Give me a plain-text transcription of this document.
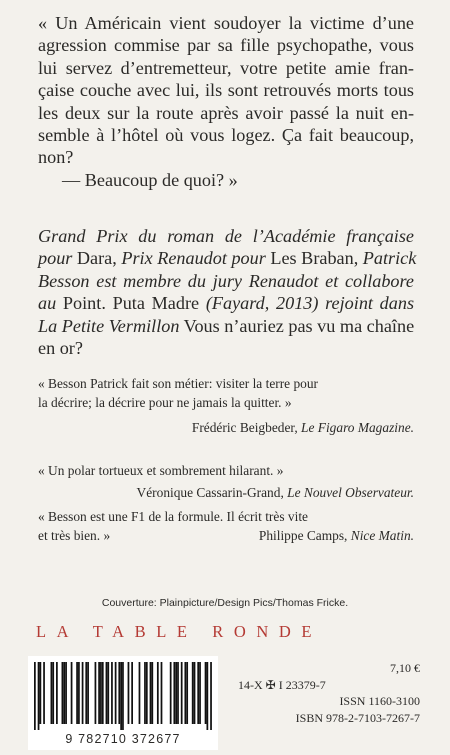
« Un Américain vient soudoyer la victime d’une
agression commise par sa fille psychopathe, vous
lui servez d’entremetteur, votre petite amie fran-
çaise couche avec lui, ils sont retrouvés morts tous
les deux sur la route après avoir passé la nuit en-
semble à l’hôtel où vous logez. Ça fait beaucoup,
non?
— Beaucoup de quoi? »
Grand Prix du roman de l’Académie française
pour Dara, Prix Renaudot pour Les Braban, Patrick
Besson est membre du jury Renaudot et collabore
au Point. Puta Madre (Fayard, 2013) rejoint dans
La Petite Vermillon Vous n’auriez pas vu ma chaîne
en or?
« Besson Patrick fait son métier: visiter la terre pour
la décrire; la décrire pour ne jamais la quitter. »
Frédéric Beigbeder, Le Figaro Magazine.
« Un polar tortueux et sombrement hilarant. »
Véronique Cassarin-Grand, Le Nouvel Observateur.
« Besson est une F1 de la formule. Il écrit très vite
et très bien. »	Philippe Camps, Nice Matin.
Couverture: Plainpicture/Design Pics/Thomas Fricke.
LA TABLE RONDE
9 782710 372677
7,10 €
14-X ✠ I 23379-7
ISSN 1160-3100
ISBN 978-2-7103-7267-7
